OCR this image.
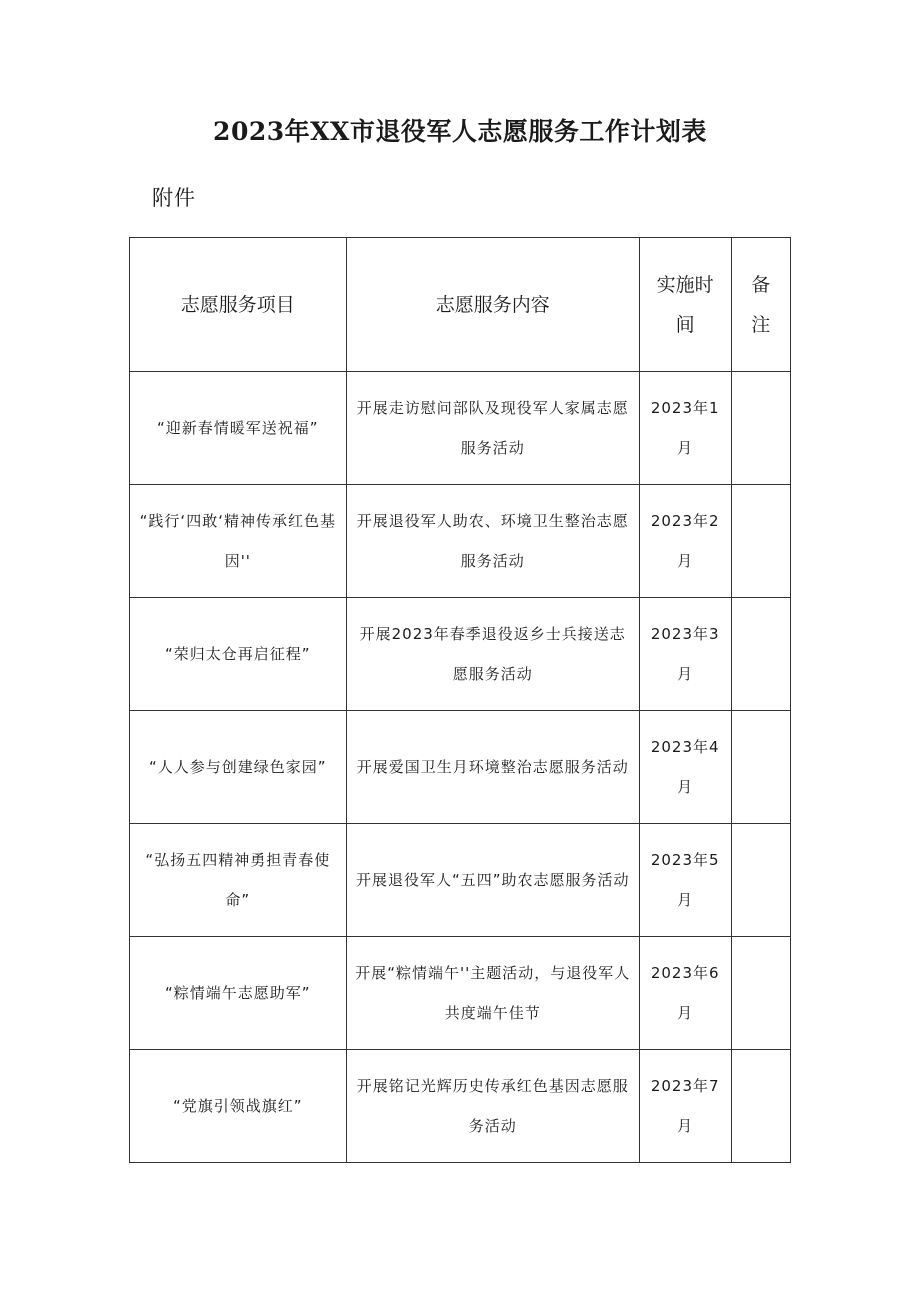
2023年XX市退役军人志愿服务工作计划表
附件
志愿服务项目	志愿服务内容	实施时间	备注

“迎新春情暖军送祝福”	开展走访慰问部队及现役军人家属志愿服务活动	2023年1月	

“践行‘四敢‘精神传承红色基因''	开展退役军人助农、环境卫生整治志愿服务活动	2023年2月	

“荣归太仓再启征程”	开展2023年春季退役返乡士兵接送志愿服务活动	2023年3月	

“人人参与创建绿色家园”	开展爱国卫生月环境整治志愿服务活动	2023年4月	

“弘扬五四精神勇担青春使命”	开展退役军人“五四”助农志愿服务活动	2023年5月	

“粽情端午志愿助军”	开展“粽情端午''主题活动，与退役军人共度端午佳节	2023年6月	

“党旗引领战旗红”	开展铭记光辉历史传承红色基因志愿服务活动	2023年7月	
